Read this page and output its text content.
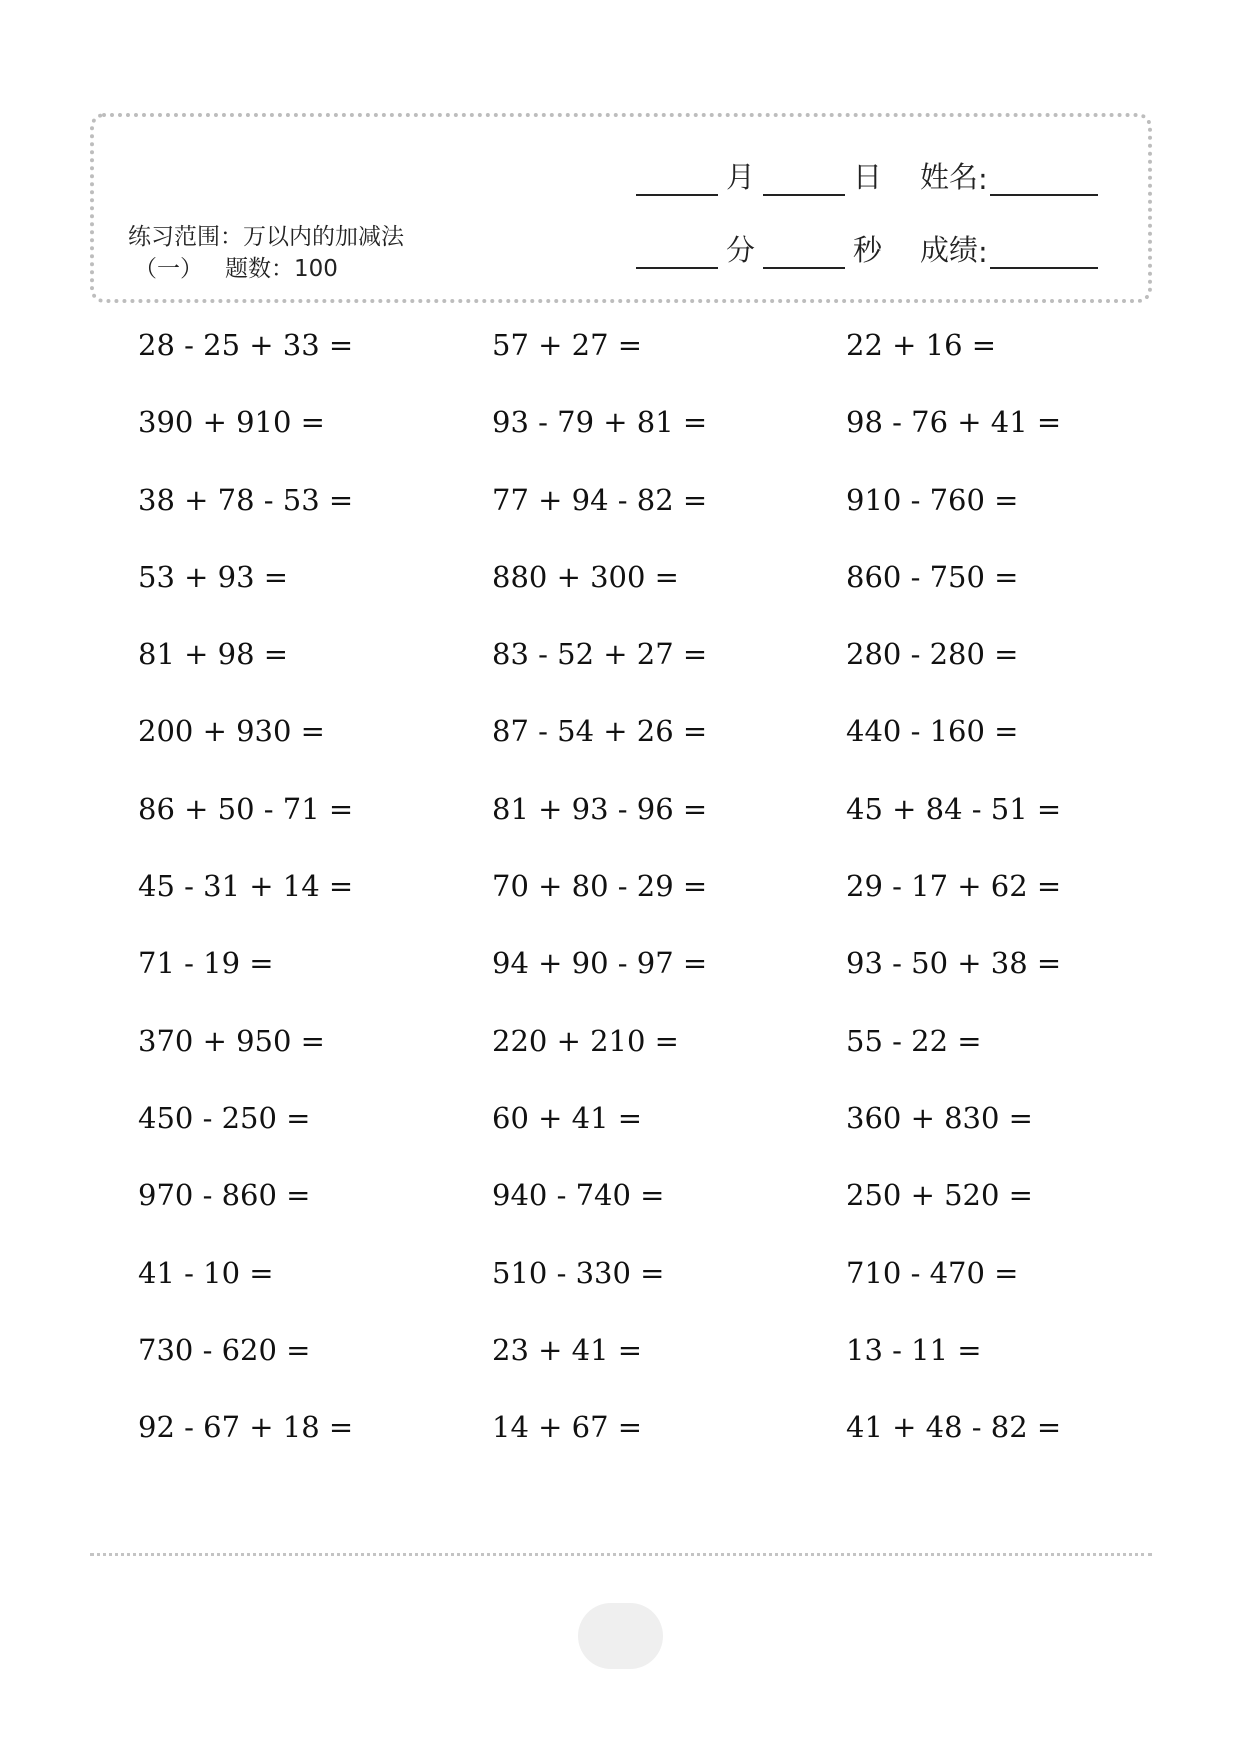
练习范围：万以内的加减法
（一） 题数：100
月	日 姓名 :
分	秒 成绩 :
28 - 25 + 33 =	57 + 27 =	22 + 16 =
390 + 910 =	93 - 79 + 81 =	98 - 76 + 41 =
38 + 78 - 53 =	77 + 94 - 82 =	910 - 760 =
53 + 93 =	880 + 300 =	860 - 750 =
81 + 98 =	83 - 52 + 27 =	280 - 280 =
200 + 930 =	87 - 54 + 26 =	440 - 160 =
86 + 50 - 71 =	81 + 93 - 96 =	45 + 84 - 51 =
45 - 31 + 14 =	70 + 80 - 29 =	29 - 17 + 62 =
71 - 19 =	94 + 90 - 97 =	93 - 50 + 38 =
370 + 950 =	220 + 210 =	55 - 22 =
450 - 250 =	60 + 41 =	360 + 830 =
970 - 860 =	940 - 740 =	250 + 520 =
41 - 10 =	510 - 330 =	710 - 470 =
730 - 620 =	23 + 41 =	13 - 11 =
92 - 67 + 18 =	14 + 67 =	41 + 48 - 82 =
